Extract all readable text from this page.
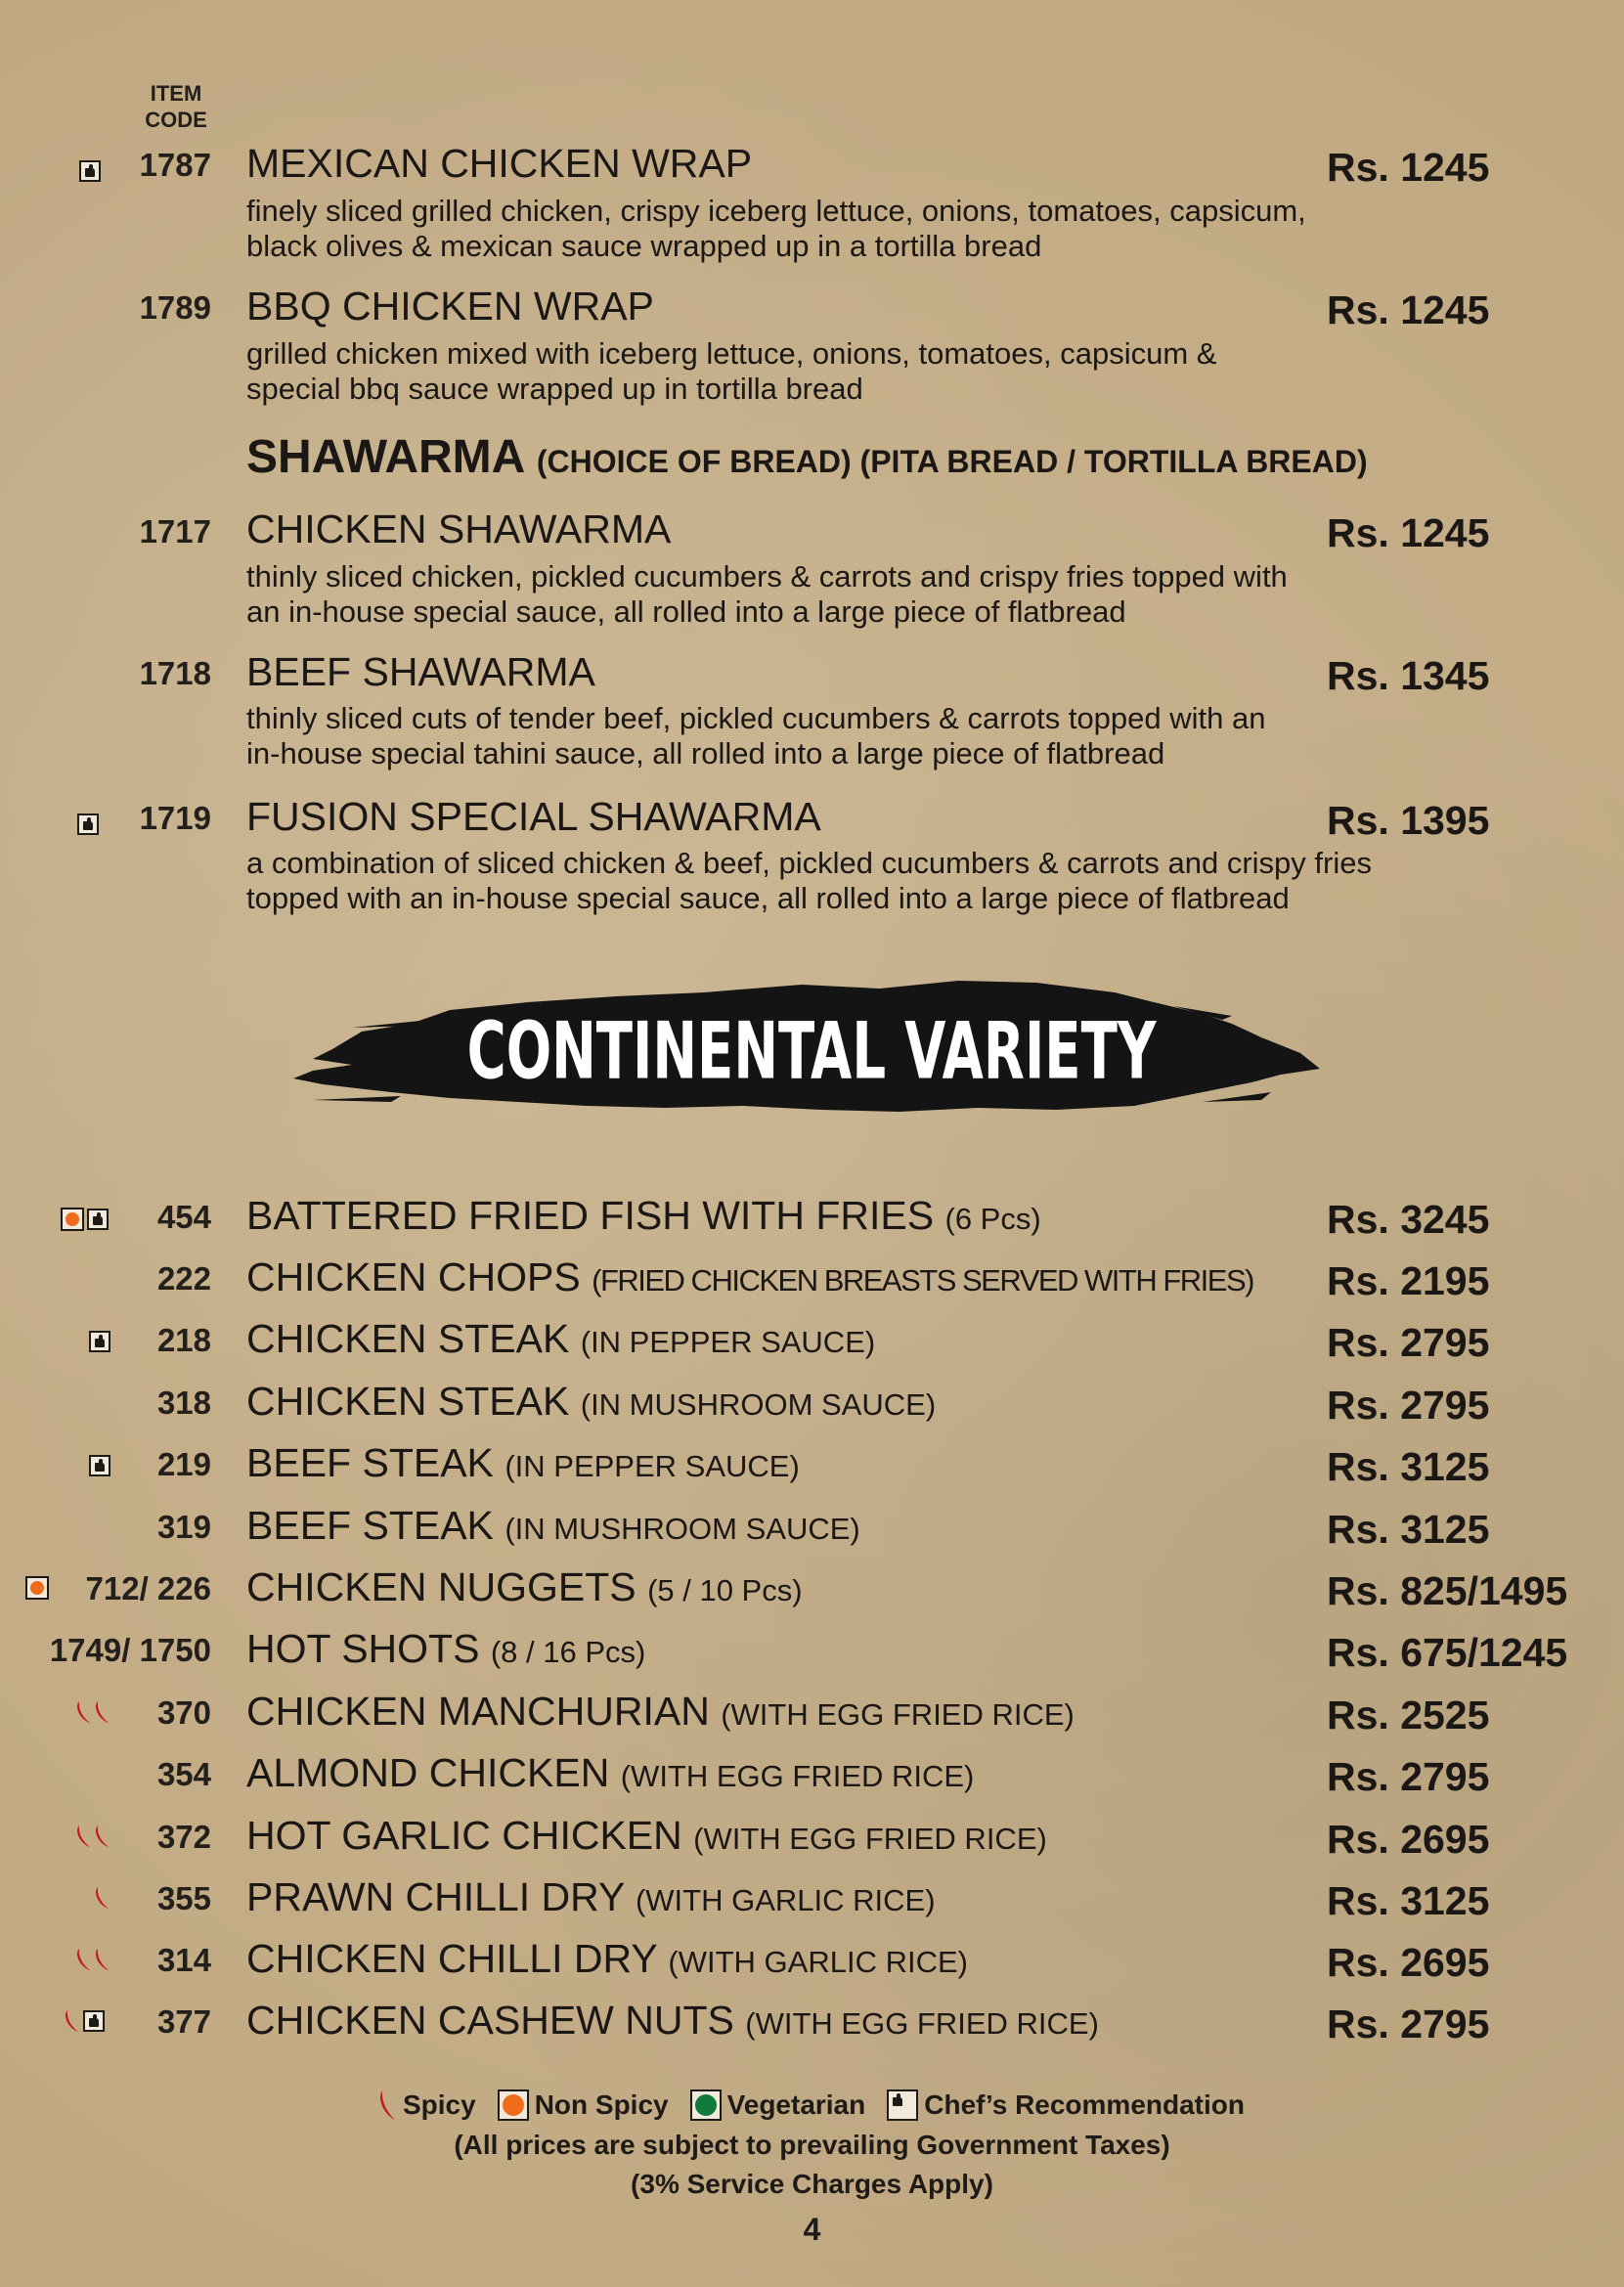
ITEM
CODE
1787 MEXICAN CHICKEN WRAP	Rs. 1245
finely sliced grilled chicken, crispy iceberg lettuce, onions, tomatoes, capsicum,
black olives & mexican sauce wrapped up in a tortilla bread
1789 BBQ CHICKEN WRAP	Rs. 1245
grilled chicken mixed with iceberg lettuce, onions, tomatoes, capsicum &
special bbq sauce wrapped up in tortilla bread
SHAWARMA (CHOICE OF BREAD) (PITA BREAD / TORTILLA BREAD)
1717 CHICKEN SHAWARMA	Rs. 1245
thinly sliced chicken, pickled cucumbers & carrots and crispy fries topped with
an in-house special sauce, all rolled into a large piece of flatbread
1718 BEEF SHAWARMA	Rs. 1345
thinly sliced cuts of tender beef, pickled cucumbers & carrots topped with an
in-house special tahini sauce, all rolled into a large piece of flatbread
1719 FUSION SPECIAL SHAWARMA	Rs. 1395
a combination of sliced chicken & beef, pickled cucumbers & carrots and crispy fries
topped with an in-house special sauce, all rolled into a large piece of flatbread
CONTINENTAL VARIETY
454 BATTERED FRIED FISH WITH FRIES (6 Pcs)	Rs. 3245
222 CHICKEN CHOPS (FRIED CHICKEN BREASTS SERVED WITH FRIES) Rs. 2195
218 CHICKEN STEAK (IN PEPPER SAUCE)	Rs. 2795
318 CHICKEN STEAK (IN MUSHROOM SAUCE)	Rs. 2795
219 BEEF STEAK (IN PEPPER SAUCE)	Rs. 3125
319 BEEF STEAK (IN MUSHROOM SAUCE)	Rs. 3125
712/ 226 CHICKEN NUGGETS (5 / 10 Pcs)	Rs. 825/1495
1749/ 1750 HOT SHOTS (8 / 16 Pcs)	Rs. 675/1245
370 CHICKEN MANCHURIAN (WITH EGG FRIED RICE)	Rs. 2525
354 ALMOND CHICKEN (WITH EGG FRIED RICE)	Rs. 2795
372 HOT GARLIC CHICKEN (WITH EGG FRIED RICE)	Rs. 2695
355 PRAWN CHILLI DRY (WITH GARLIC RICE)	Rs. 3125
314 CHICKEN CHILLI DRY (WITH GARLIC RICE)	Rs. 2695
377 CHICKEN CASHEW NUTS (WITH EGG FRIED RICE)	Rs. 2795
Spicy Non Spicy Vegetarian Chef’s Recommendation
(All prices are subject to prevailing Government Taxes)
(3% Service Charges Apply)
4
